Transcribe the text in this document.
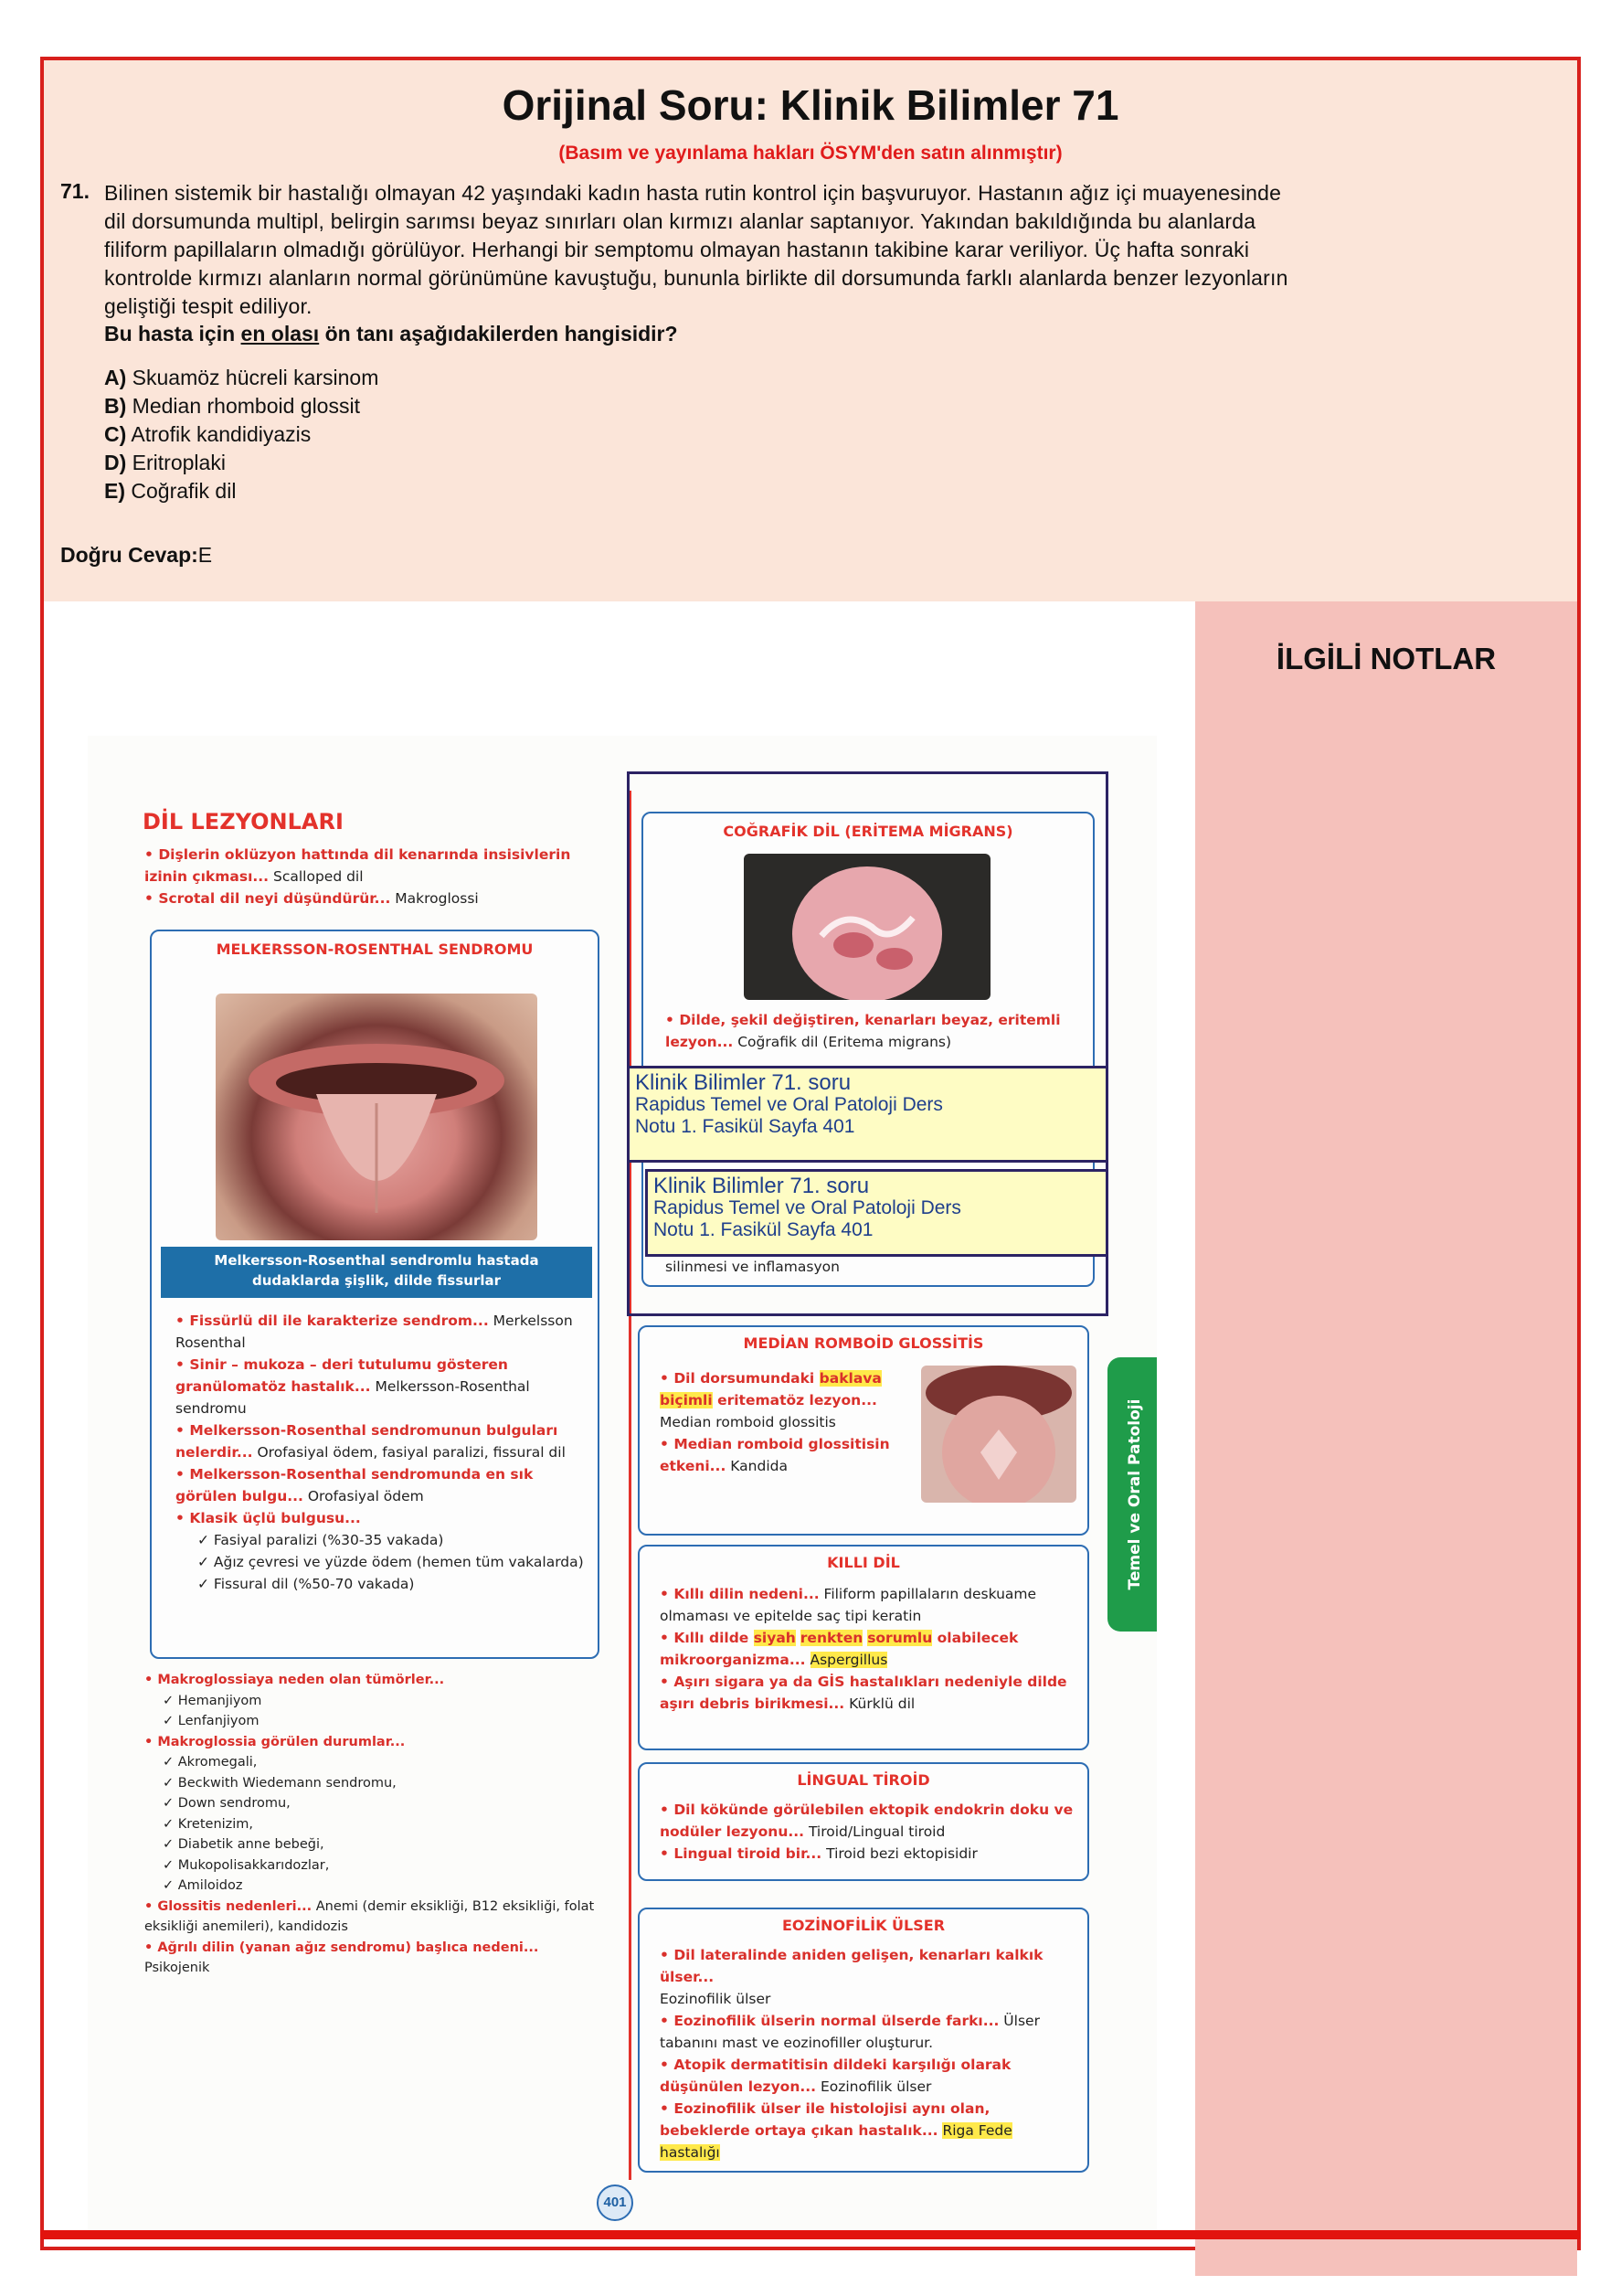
Orijinal Soru: Klinik Bilimler 71
(Basım ve yayınlama hakları ÖSYM'den satın alınmıştır)
71. Bilinen sistemik bir hastalığı olmayan 42 yaşındaki kadın hasta rutin kontrol için başvuruyor. Hastanın ağız içi muayenesinde
dil dorsumunda multipl, belirgin sarımsı beyaz sınırları olan kırmızı alanlar saptanıyor. Yakından bakıldığında bu alanlarda
filiform papillaların olmadığı görülüyor. Herhangi bir semptomu olmayan hastanın takibine karar veriliyor. Üç hafta sonraki
kontrolde kırmızı alanların normal görünümüne kavuştuğu, bununla birlikte dil dorsumunda farklı alanlarda benzer lezyonların
geliştiği tespit ediliyor.
Bu hasta için en olası ön tanı aşağıdakilerden hangisidir?
A) Skuamöz hücreli karsinom
B) Median rhomboid glossit
C) Atrofik kandidiyazis
D) Eritroplaki
E) Coğrafik dil
Doğru Cevap:E
İLGİLİ NOTLAR
DİL LEZYONLARI
• Dişlerin oklüzyon hattında dil kenarında insisivlerin izinin çıkması... Scalloped dil
• Scrotal dil neyi düşündürür... Makroglossi
MELKERSSON-ROSENTHAL SENDROMU
Melkersson-Rosenthal sendromlu hastada
dudaklarda şişlik, dilde fissurlar
• Fissürlü dil ile karakterize sendrom... Merkelsson Rosenthal
• Sinir – mukoza – deri tutulumu gösteren granülomatöz hastalık... Melkersson-Rosenthal sendromu
• Melkersson-Rosenthal sendromunun bulguları nelerdir... Orofasiyal ödem, fasiyal paralizi, fissural dil
• Melkersson-Rosenthal sendromunda en sık görülen bulgu... Orofasiyal ödem
• Klasik üçlü bulgusu...
✓ Fasiyal paralizi (%30-35 vakada)
✓ Ağız çevresi ve yüzde ödem (hemen tüm vakalarda)
✓ Fissural dil (%50-70 vakada)
• Makroglossiaya neden olan tümörler...
✓ Hemanjiyom
✓ Lenfanjiyom
• Makroglossia görülen durumlar...
✓ Akromegali,
✓ Beckwith Wiedemann sendromu,
✓ Down sendromu,
✓ Kretenizim,
✓ Diabetik anne bebeği,
✓ Mukopolisakkarıdozlar,
✓ Amiloidoz
• Glossitis nedenleri... Anemi (demir eksikliği, B12 eksikliği, folat eksikliği anemileri), kandidozis
• Ağrılı dilin (yanan ağız sendromu) başlıca nedeni...
Psikojenik
COĞRAFİK DİL (ERİTEMA MİGRANS)
• Dilde, şekil değiştiren, kenarları beyaz, eritemli lezyon... Coğrafik dil (Eritema migrans)
silinmesi ve inflamasyon
MEDİAN ROMBOİD GLOSSİTİS
• Dil dorsumundaki baklava biçimli eritematöz lezyon...
Median romboid glossitis
• Median romboid glossitisin etkeni... Kandida
KILLI DİL
• Kıllı dilin nedeni... Filiform papillaların deskuame olmaması ve epitelde saç tipi keratin
• Kıllı dilde siyah renkten sorumlu olabilecek mikroorganizma... Aspergillus
• Aşırı sigara ya da GİS hastalıkları nedeniyle dilde aşırı debris birikmesi... Kürklü dil
LİNGUAL TİROİD
• Dil kökünde görülebilen ektopik endokrin doku ve nodüler lezyonu... Tiroid/Lingual tiroid
• Lingual tiroid bir... Tiroid bezi ektopisidir
EOZİNOFİLİK ÜLSER
• Dil lateralinde aniden gelişen, kenarları kalkık ülser...
Eozinofilik ülser
• Eozinofilik ülserin normal ülserde farkı... Ülser tabanını mast ve eozinofiller oluşturur.
• Atopik dermatitisin dildeki karşılığı olarak düşünülen lezyon... Eozinofilik ülser
• Eozinofilik ülser ile histolojisi aynı olan, bebeklerde ortaya çıkan hastalık... Riga Fede hastalığı
Temel ve Oral Patoloji
401
Klinik Bilimler 71. soru
Rapidus Temel ve Oral Patoloji Ders
Notu 1. Fasikül Sayfa 401
Klinik Bilimler 71. soru
Rapidus Temel ve Oral Patoloji Ders
Notu 1. Fasikül Sayfa 401
